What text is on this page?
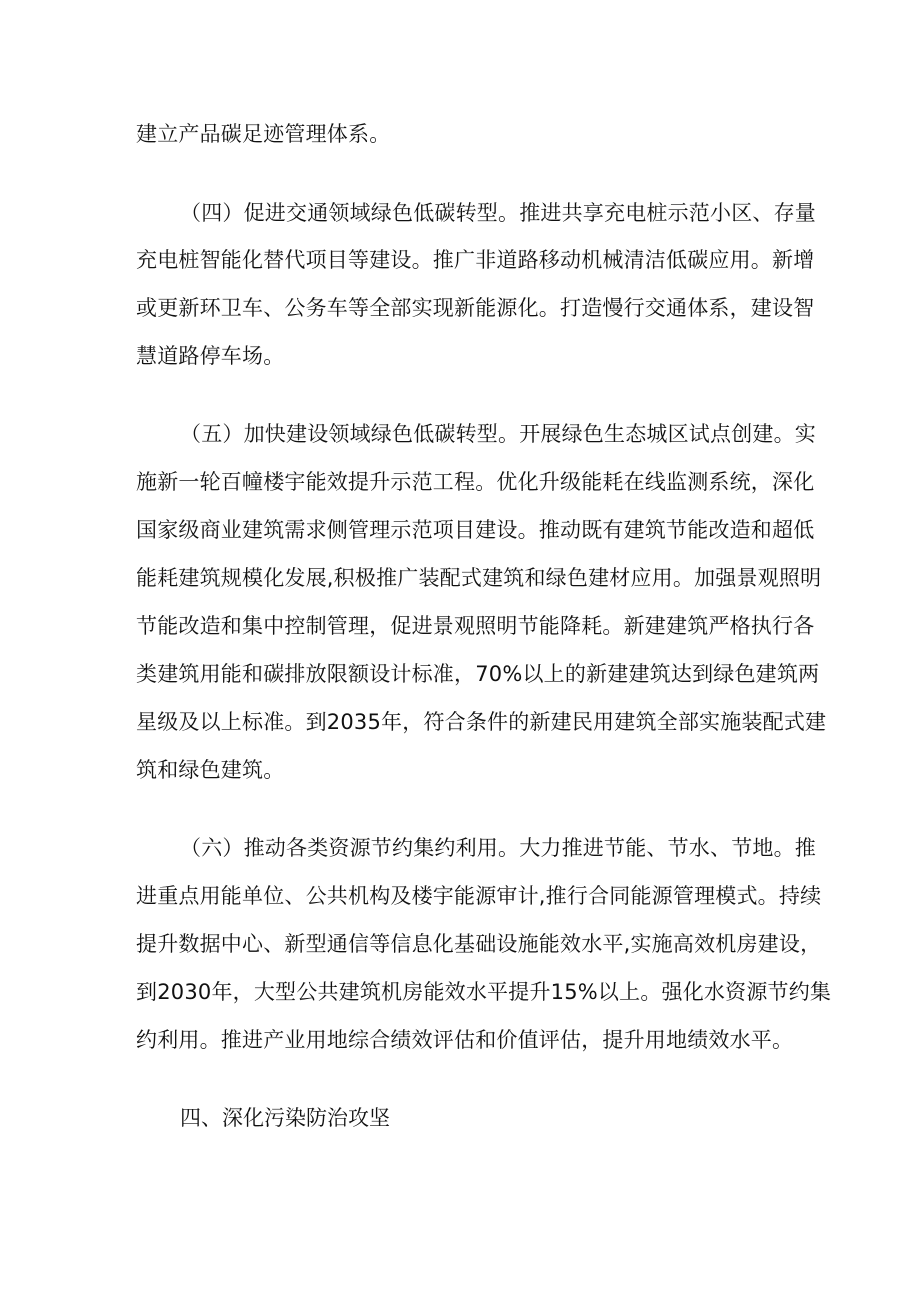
建立产品碳足迹管理体系。
（四）促进交通领域绿色低碳转型。推进共享充电桩示范小区、存量
充电桩智能化替代项目等建设。推广非道路移动机械清洁低碳应用。新增
或更新环卫车、公务车等全部实现新能源化。打造慢行交通体系，建设智
慧道路停车场。
（五）加快建设领域绿色低碳转型。开展绿色生态城区试点创建。实
施新一轮百幢楼宇能效提升示范工程。优化升级能耗在线监测系统，深化
国家级商业建筑需求侧管理示范项目建设。推动既有建筑节能改造和超低
能耗建筑规模化发展,积极推广装配式建筑和绿色建材应用。加强景观照明
节能改造和集中控制管理，促进景观照明节能降耗。新建建筑严格执行各
类建筑用能和碳排放限额设计标准，70%以上的新建建筑达到绿色建筑两
星级及以上标准。到2035年，符合条件的新建民用建筑全部实施装配式建
筑和绿色建筑。
（六）推动各类资源节约集约利用。大力推进节能、节水、节地。推
进重点用能单位、公共机构及楼宇能源审计,推行合同能源管理模式。持续
提升数据中心、新型通信等信息化基础设施能效水平,实施高效机房建设，
到2030年，大型公共建筑机房能效水平提升15%以上。强化水资源节约集
约利用。推进产业用地综合绩效评估和价值评估，提升用地绩效水平。
四、深化污染防治攻坚
